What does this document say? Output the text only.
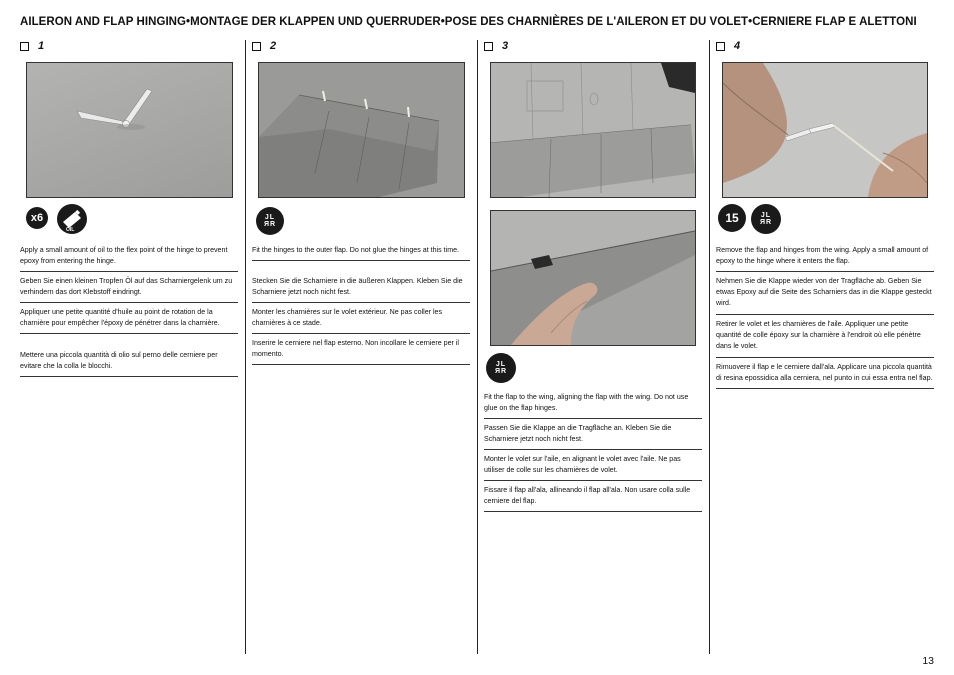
AILERON AND FLAP HINGING•MONTAGE DER KLAPPEN UND QUERRUDER•POSE DES CHARNIÈRES DE L'AILERON ET DU VOLET•CERNIERE FLAP E ALETTONI
1	2	3	4
x6
OIL
JL
ЯR
JL
ЯR
15	JL
ЯR
Apply a small amount of oil to the flex point of the hinge to prevent epoxy from entering the hinge.
Geben Sie einen kleinen Tropfen Öl auf das Scharniergelenk um zu verhindern das dort Klebstoff eindringt.
Appliquer une petite quantité d'huile au point de rotation de la charnière pour empêcher l'époxy de pénétrer dans la charnière.
Mettere una piccola quantità di olio sul perno delle cerniere per evitare che la colla le blocchi.
Fit the hinges to the outer flap. Do not glue the hinges at this time.
Stecken Sie die Scharniere in die äußeren Klappen. Kleben Sie die Scharniere jetzt noch nicht fest.
Monter les charnières sur le volet extérieur. Ne pas coller les charnières à ce stade.
Inserire le cerniere nel flap esterno. Non incollare le cerniere per il momento.
Fit the flap to the wing, aligning the flap with the wing. Do not use glue on the flap hinges.
Passen Sie die Klappe an die Tragfläche an. Kleben Sie die Scharniere jetzt noch nicht fest.
Monter le volet sur l'aile, en alignant le volet avec l'aile. Ne pas utiliser de colle sur les charnières de volet.
Fissare il flap all'ala, allineando il flap all'ala. Non usare colla sulle cerniere del flap.
Remove the flap and hinges from the wing. Apply a small amount of epoxy to the hinge where it enters the flap.
Nehmen Sie die Klappe wieder von der Tragfläche ab. Geben Sie etwas Epoxy auf die Seite des Scharniers das in die Klappe gesteckt wird.
Retirer le volet et les charnières de l'aile. Appliquer une petite quantité de colle époxy sur la charnière à l'endroit où elle pénètre dans le volet.
Rimuovere il flap e le cerniere dall'ala. Applicare una piccola quantità di resina epossidica alla cerniera, nel punto in cui essa entra nel flap.
13
